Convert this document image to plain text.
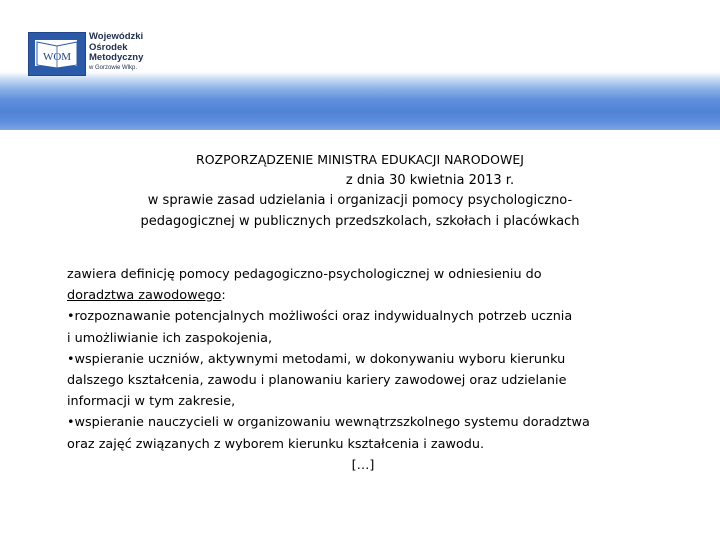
WOM
Wojewódzki
Ośrodek
Metodyczny
w Gorzowie Wlkp.
ROZPORZĄDZENIE MINISTRA EDUKACJI NARODOWEJ
z dnia 30 kwietnia 2013 r.
w sprawie zasad udzielania i organizacji pomocy psychologiczno-
pedagogicznej w publicznych przedszkolach, szkołach i placówkach
zawiera definicję pomocy pedagogiczno-psychologicznej w odniesieniu do
doradztwa zawodowego:
•rozpoznawanie potencjalnych możliwości oraz indywidualnych potrzeb ucznia
i umożliwianie ich zaspokojenia,
•wspieranie uczniów, aktywnymi metodami, w dokonywaniu wyboru kierunku
dalszego kształcenia, zawodu i planowaniu kariery zawodowej oraz udzielanie
informacji w tym zakresie,
•wspieranie nauczycieli w organizowaniu wewnątrzszkolnego systemu doradztwa
oraz zajęć związanych z wyborem kierunku kształcenia i zawodu.
[…]
